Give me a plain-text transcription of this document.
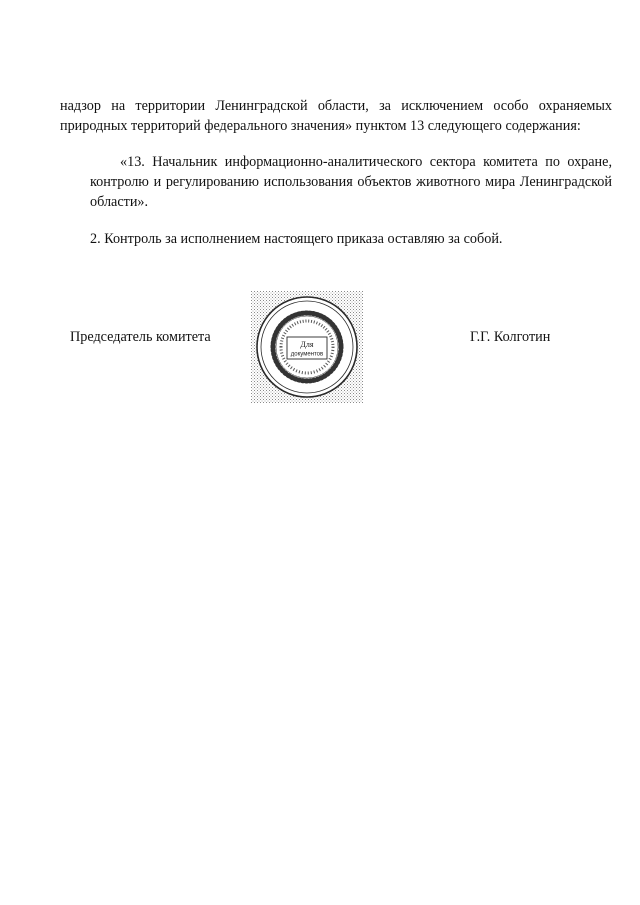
надзор на территории Ленинградской области, за исключением особо охраняемых
природных территорий федерального значения» пунктом 13 следующего содержания:

«13. Начальник информационно-аналитического сектора комитета по охране,
контролю и регулированию использования объектов животного мира Ленинградской
области».

2. Контроль за исполнением настоящего приказа оставляю за собой.

Председатель комитета	Для
документов
Г.Г. Колготин
